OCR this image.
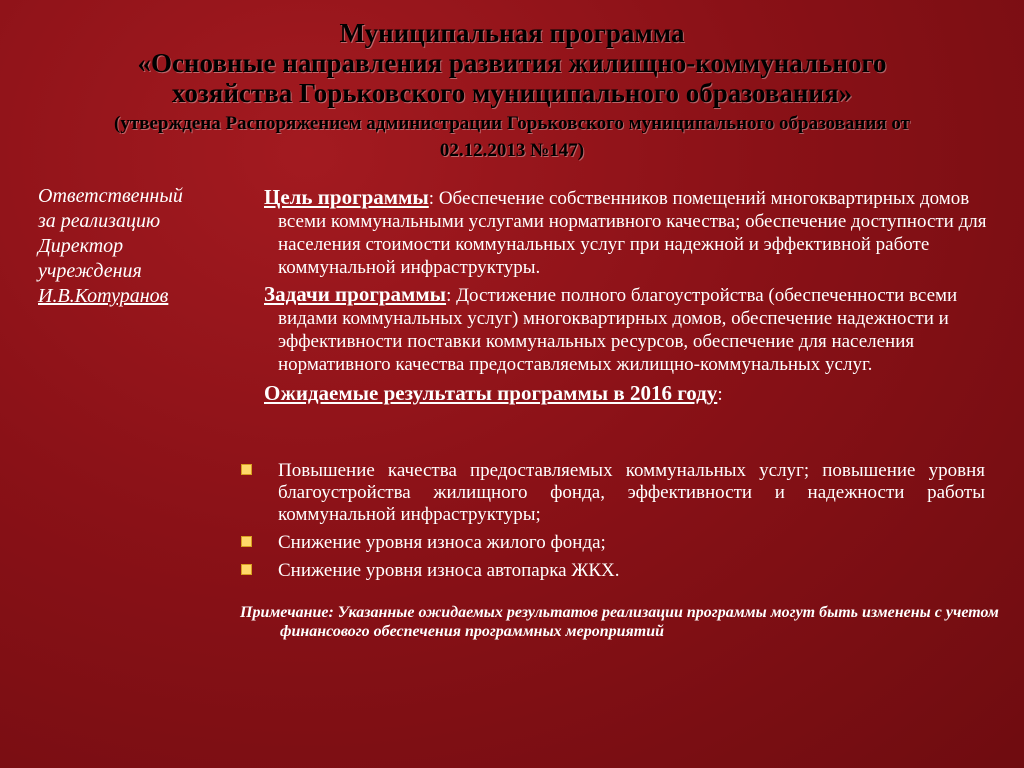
Муниципальная программа
«Основные направления развития жилищно-коммунального
хозяйства Горьковского муниципального образования»
(утверждена Распоряжением администрации Горьковского муниципального образования от
02.12.2013 №147)
Ответственный
за реализацию
Директор
учреждения
И.В.Котуранов

Цель программы: Обеспечение собственников помещений многоквартирных домов всеми коммунальными услугами нормативного качества; обеспечение доступности для населения стоимости коммунальных услуг при надежной и эффективной работе коммунальной инфраструктуры.

Задачи программы: Достижение полного благоустройства (обеспеченности всеми видами коммунальных услуг) многоквартирных домов, обеспечение надежности и эффективности поставки коммунальных ресурсов, обеспечение для населения нормативного качества предоставляемых жилищно-коммунальных услуг.

Ожидаемые результаты программы в 2016 году:

Повышение качества предоставляемых коммунальных услуг; повышение уровня благоустройства жилищного фонда, эффективности и надежности работы коммунальной инфраструктуры;
Снижение уровня износа жилого фонда;
Снижение уровня износа автопарка ЖКХ.
Примечание: Указанные ожидаемых результатов реализации программы могут быть изменены с учетом финансового обеспечения программных мероприятий
